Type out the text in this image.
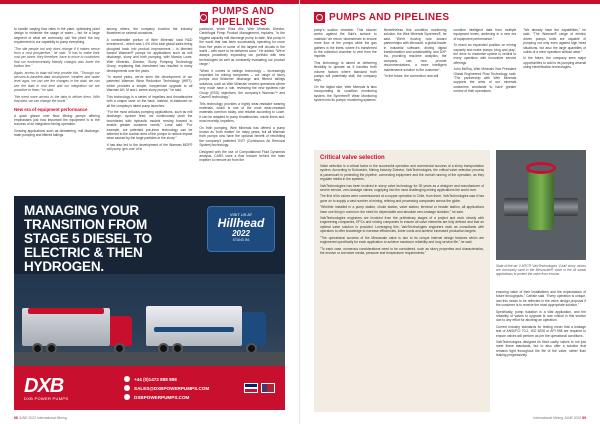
PUMPS AND PIPELINES

to handle varying flow rates in the plant, optimising plant design to minimise the usage of water – but for a large segment of what we commonly call 'the plant' the key requirement is our capability to pump everything.

"The site people not only does change if it makes sense from a cost perspective," he said. "It has to make their cost per tonne, they therefore, have to move to customers that our environmentally friendly changes also lower the bottom line."

Again, access to data will help provide this. "Through our sensors-to-baseline-data smartphone, weather and water level apps, we can see the changes in the data, we can see the data in real time and our integration we are proactive to them," he said.

"We need more access to the data to deliver them. With that data, we can change the world."

New era of equipment performance

A quick glance over New Mining pumps offering emphasises just how important the equipment is to the success of an integrated mining operation.

Growing applications such as dewatering, mill discharge, trash pumping and filtered tailings

among others, the company touches the industry flowsheet on several occasions.

A considerable portion of Weir Minerals' total R&D investment – which was 1.4% of its total global sales being ploughed back into product improvement – is directed toward Warman® pumps for applications such as mill discharge, slurry and froth pumping, with Marcus Lowe, Weir Minerals, Director, Slurry Pumping Technology Group, explaining that investment has resulted in many developments over the years.

"In recent years, we've seen the development of our patented Warman Wear Reduction Technology (WRT), which provides a simple, inexpensive upgrade to all Warman AH, M and L series slurry pumps," he said.

This technology is a series of impellers and throatbushes with a unique vane on the back. Instead, re-balanced on all the company's latest pump launches.

"For the most arduous pumping applications, such as mill discharge, cyclone feed, we continuously push the boundaries with hydraulic models moving forward to enable greater customer needs," Lowe said. "For example, our patented pre-inner technology can be adhered to the suction area of the pumps to reduce impact wear caused by the large particles in the slurry."

It has also led to the development of the Warman MDF® mill pump 'gen-one' of in

particular, which Elisa Alie, Weir Minerals Director, Centrifugal Pump Product Management, explains, "is the biggest capacity mill discharge pump to date, first pump in the world that has been successfully operating for more than five years in some of the largest mill circuits in the world – with more to be delivered soon." He added: "We're always proactively expanding our portfolio with new technologies as well as constantly evaluating our product range."

"When it comes to tailings technology – increasingly important for mining companies – our range of slurry pumps and thickener discharge and filtered tailings solutions, such as Weir Minerals' newest operations where very much have a role, reviewing the new systems rule Group (ESG) objectives, the company's Warman™ and Cavex® technology."

This technology provides a highly wear-resistant wearing materials, which is one of the most wear-resistant materials common today, and reliable according to Lowe. It can be adapted to pump throatbushes, volute liners and, most recently, impellers.

On froth pumping, Weir Minerals has offered a pump known as 'froth master' for many years, but all Warman froth pumps now have the optional benefit of retrofitting the company's patented 'INTI' (Continuous Air Removal System) technology.

Designed with the use of Computational Fluid Dynamics analysis, CARS uses a flow inducer behind the main impeller to remove air from the

MANAGING YOUR TRANSITION FROM STAGE 5 DIESEL TO ELECTRIC & THEN HYDROGEN.
VISIT US AT
Hillhead
2022
STAND B6
DXB
DXB POWER PUMPS
+44 (0)1472 888 888
SALES@DXBPOWERPUMPS.COM
DXBPOWERPUMPS.COM
68 JUNE 2022 International Mining
PUMPS AND PIPELINES

pump's suction chamber. This inducer works against the fluid's surface to maintain 'air return' downstream to ensure more flow of the pumps while the gas gathers in the inlets, where it's transferred to the collection chamber to vent from the impeller.

This technology is aimed at delivering flexibility to operate as it handles froth volume factors where standard froth pumps will potentially stall, the company says.

On the digital side, Weir Minerals is also incorporating its condition monitoring system, the Synertrex® Wear Monitoring system into its pumps' monitoring systems.

Nevertheless this condition monitoring solution, the Weir Minerals Synertrex®, he said. "We're moving now toward partnerships with Microsoft, a global leader in industrial software, driving digital transformation and sustainability, and DXP Inc, providing real-time analytics, the company can now provide recommendations, a more intelligent maintenance solution to the customer".

"In the future, the connection now will

combine intelligent data from multiple equipment levels, achieving in a new era of equipment performance."

To reach an expanded position on mining capacity and make pumps 'plug and play', the drive to maximise uptime is central to every operation with innovative service offerings.

John McRoy, Weir Minerals Vice President Global Engineered Flow Technology, said: "The partnership with Weir Minerals supports the aims of our minerals customers worldwide to have greater control of their operations.

"We already have the capabilities," he said. "The Warman® range of electric driven pumps units are capable of pumping not only even against high head situations, but also the large quantities of solids of a mine operation without wear."

In the future, the company sees major opportunities to add to its pumping arsenal using electrification technologies.

Critical valve selection

Valve selection is a critical factor in the successful operation and commercial success of a slurry transportation system. According to Schroeder, Mining Industry Director, ValvTechnologies, the critical valve selection process is paramount in protecting the pipeline, connecting equipment and the overall running of the operation, as they regulate media in the systems.

ValvTechnologies has been involved in slurry valve technology for 35 years as a designer and manufacturer of severe service, zero-leakage valves, supplying into the most challenging mining applications the world over.

The first of its valves were commissioned at a copper operation in Chile, from there, ValvTechnologies saw it has gone on to supply a vast number of mining, refining and processing companies across the globe.

"Whether installed in a pump station, choke station, valve station, terminal or header station, all applications have one thing in common: the need for dependable and absolute zero-leakage isolation," he said.

ValvTechnologies engineers are involved from the preliminary stages of a project and work closely with engineering companies, EPCs and mining companies to ensure all valve elements are fully defined and that an optimal valve solution is provided. Leveraging this, ValvTechnologies engineers work as consultants with operators to offer knowledge to increase efficiencies, lower costs and achieve increased production targets.

"The operational success of the Mesoscale valve is due to its unique internal design features which are engineered specifically for each application to achieve maximum reliability and long service life," he said.

"To each case, numerous considerations need to be considered, such as slurry properties and characteristics, the erosive or corrosive media, pressure and temperature requirements."

State-of-the-art V-MTC® ValvTechnologies V-ball slurry valves are commonly used in the Mesoscale® valve in the oil sands applications to protect the valve from erosion.

ensuring value of their installations and the expectations of future throughputs," Carlisle said. "Every operation is unique, and this needs to be reflected in the valve design proposal if the customer is to receive the most appropriate solution."

Specifically, pump isolation is a vital application, and the reliability of valves to upgrade is now critical in this section due to any effort for aborting an operation.

Current industry standards for testing mean that a leakage test of ANSI/FCI 70-2, ISO 5208 or API 598 are required to ensure valves will perform as per the operational conditions.

ValvTechnologies designed its fixed cavity valves to not just meet these standards, but to also offer a solution that remains tight throughout the life of the valve, rather than leaking progressively.

International Mining JUNE 2022 69
